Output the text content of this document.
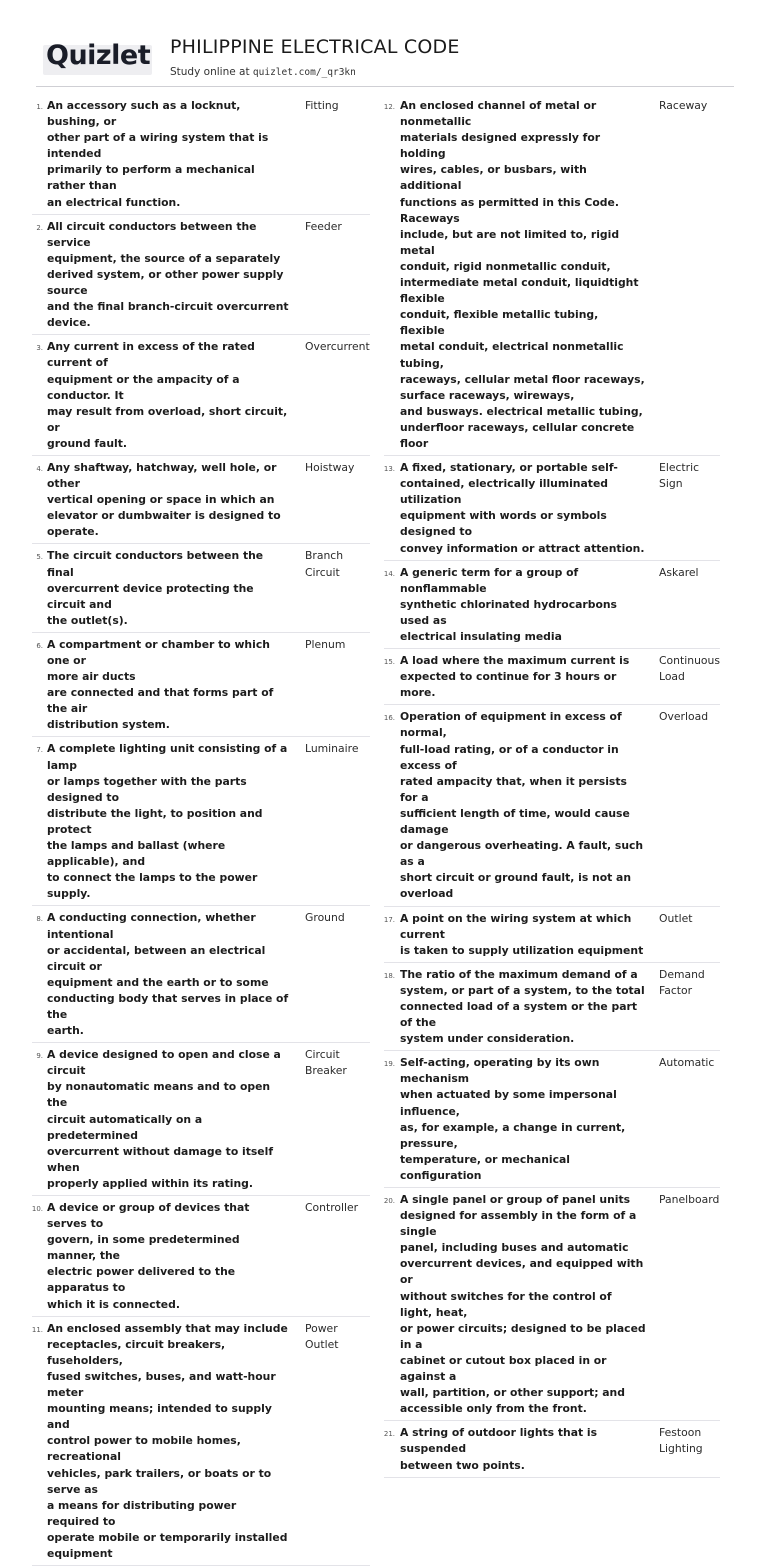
Quizlet PHILIPPINE ELECTRICAL CODE
Study online at quizlet.com/_qr3kn
1. An accessory such as a locknut, bushing, or
other part of a wiring system that is intended
primarily to perform a mechanical rather than
an electrical function.
Fitting
2. All circuit conductors between the service
equipment, the source of a separately
derived system, or other power supply source
and the final branch-circuit overcurrent
device.
Feeder
3. Any current in excess of the rated current of
equipment or the ampacity of a conductor. It
may result from overload, short circuit, or
ground fault.
Overcurrent
4. Any shaftway, hatchway, well hole, or other
vertical opening or space in which an
elevator or dumbwaiter is designed to
operate.
Hoistway
5. The circuit conductors between the final
overcurrent device protecting the circuit and
the outlet(s).
Branch
Circuit
6. A compartment or chamber to which one or
more air ducts
are connected and that forms part of the air
distribution system.
Plenum
7. A complete lighting unit consisting of a lamp
or lamps together with the parts designed to
distribute the light, to position and protect
the lamps and ballast (where applicable), and
to connect the lamps to the power supply.
Luminaire
8. A conducting connection, whether intentional
or accidental, between an electrical circuit or
equipment and the earth or to some
conducting body that serves in place of the
earth.
Ground
9. A device designed to open and close a circuit
by nonautomatic means and to open the
circuit automatically on a predetermined
overcurrent without damage to itself when
properly applied within its rating.
Circuit
Breaker
10. A device or group of devices that serves to
govern, in some predetermined manner, the
electric power delivered to the apparatus to
which it is connected.
Controller
11. An enclosed assembly that may include
receptacles, circuit breakers, fuseholders,
fused switches, buses, and watt-hour meter
mounting means; intended to supply and
control power to mobile homes, recreational
vehicles, park trailers, or boats or to serve as
a means for distributing power required to
operate mobile or temporarily installed
equipment
Power
Outlet
12. An enclosed channel of metal or nonmetallic
materials designed expressly for holding
wires, cables, or busbars, with additional
functions as permitted in this Code. Raceways
include, but are not limited to, rigid metal
conduit, rigid nonmetallic conduit,
intermediate metal conduit, liquidtight flexible
conduit, flexible metallic tubing, flexible
metal conduit, electrical nonmetallic tubing,
raceways, cellular metal floor raceways,
surface raceways, wireways,
and busways. electrical metallic tubing,
underfloor raceways, cellular concrete floor
Raceway
13. A fixed, stationary, or portable self-
contained, electrically illuminated utilization
equipment with words or symbols designed to
convey information or attract attention.
Electric
Sign
14. A generic term for a group of nonflammable
synthetic chlorinated hydrocarbons used as
electrical insulating media
Askarel
15. A load where the maximum current is
expected to continue for 3 hours or more.
Continuous
Load
16. Operation of equipment in excess of normal,
full-load rating, or of a conductor in excess of
rated ampacity that, when it persists for a
sufficient length of time, would cause damage
or dangerous overheating. A fault, such as a
short circuit or ground fault, is not an
overload
Overload
17. A point on the wiring system at which current
is taken to supply utilization equipment
Outlet
18. The ratio of the maximum demand of a
system, or part of a system, to the total
connected load of a system or the part of the
system under consideration.
Demand
Factor
19. Self-acting, operating by its own mechanism
when actuated by some impersonal influence,
as, for example, a change in current, pressure,
temperature, or mechanical configuration
Automatic
20. A single panel or group of panel units
designed for assembly in the form of a single
panel, including buses and automatic
overcurrent devices, and equipped with or
without switches for the control of light, heat,
or power circuits; designed to be placed in a
cabinet or cutout box placed in or against a
wall, partition, or other support; and
accessible only from the front.
Panelboard
21. A string of outdoor lights that is suspended
between two points.
Festoon
Lighting
